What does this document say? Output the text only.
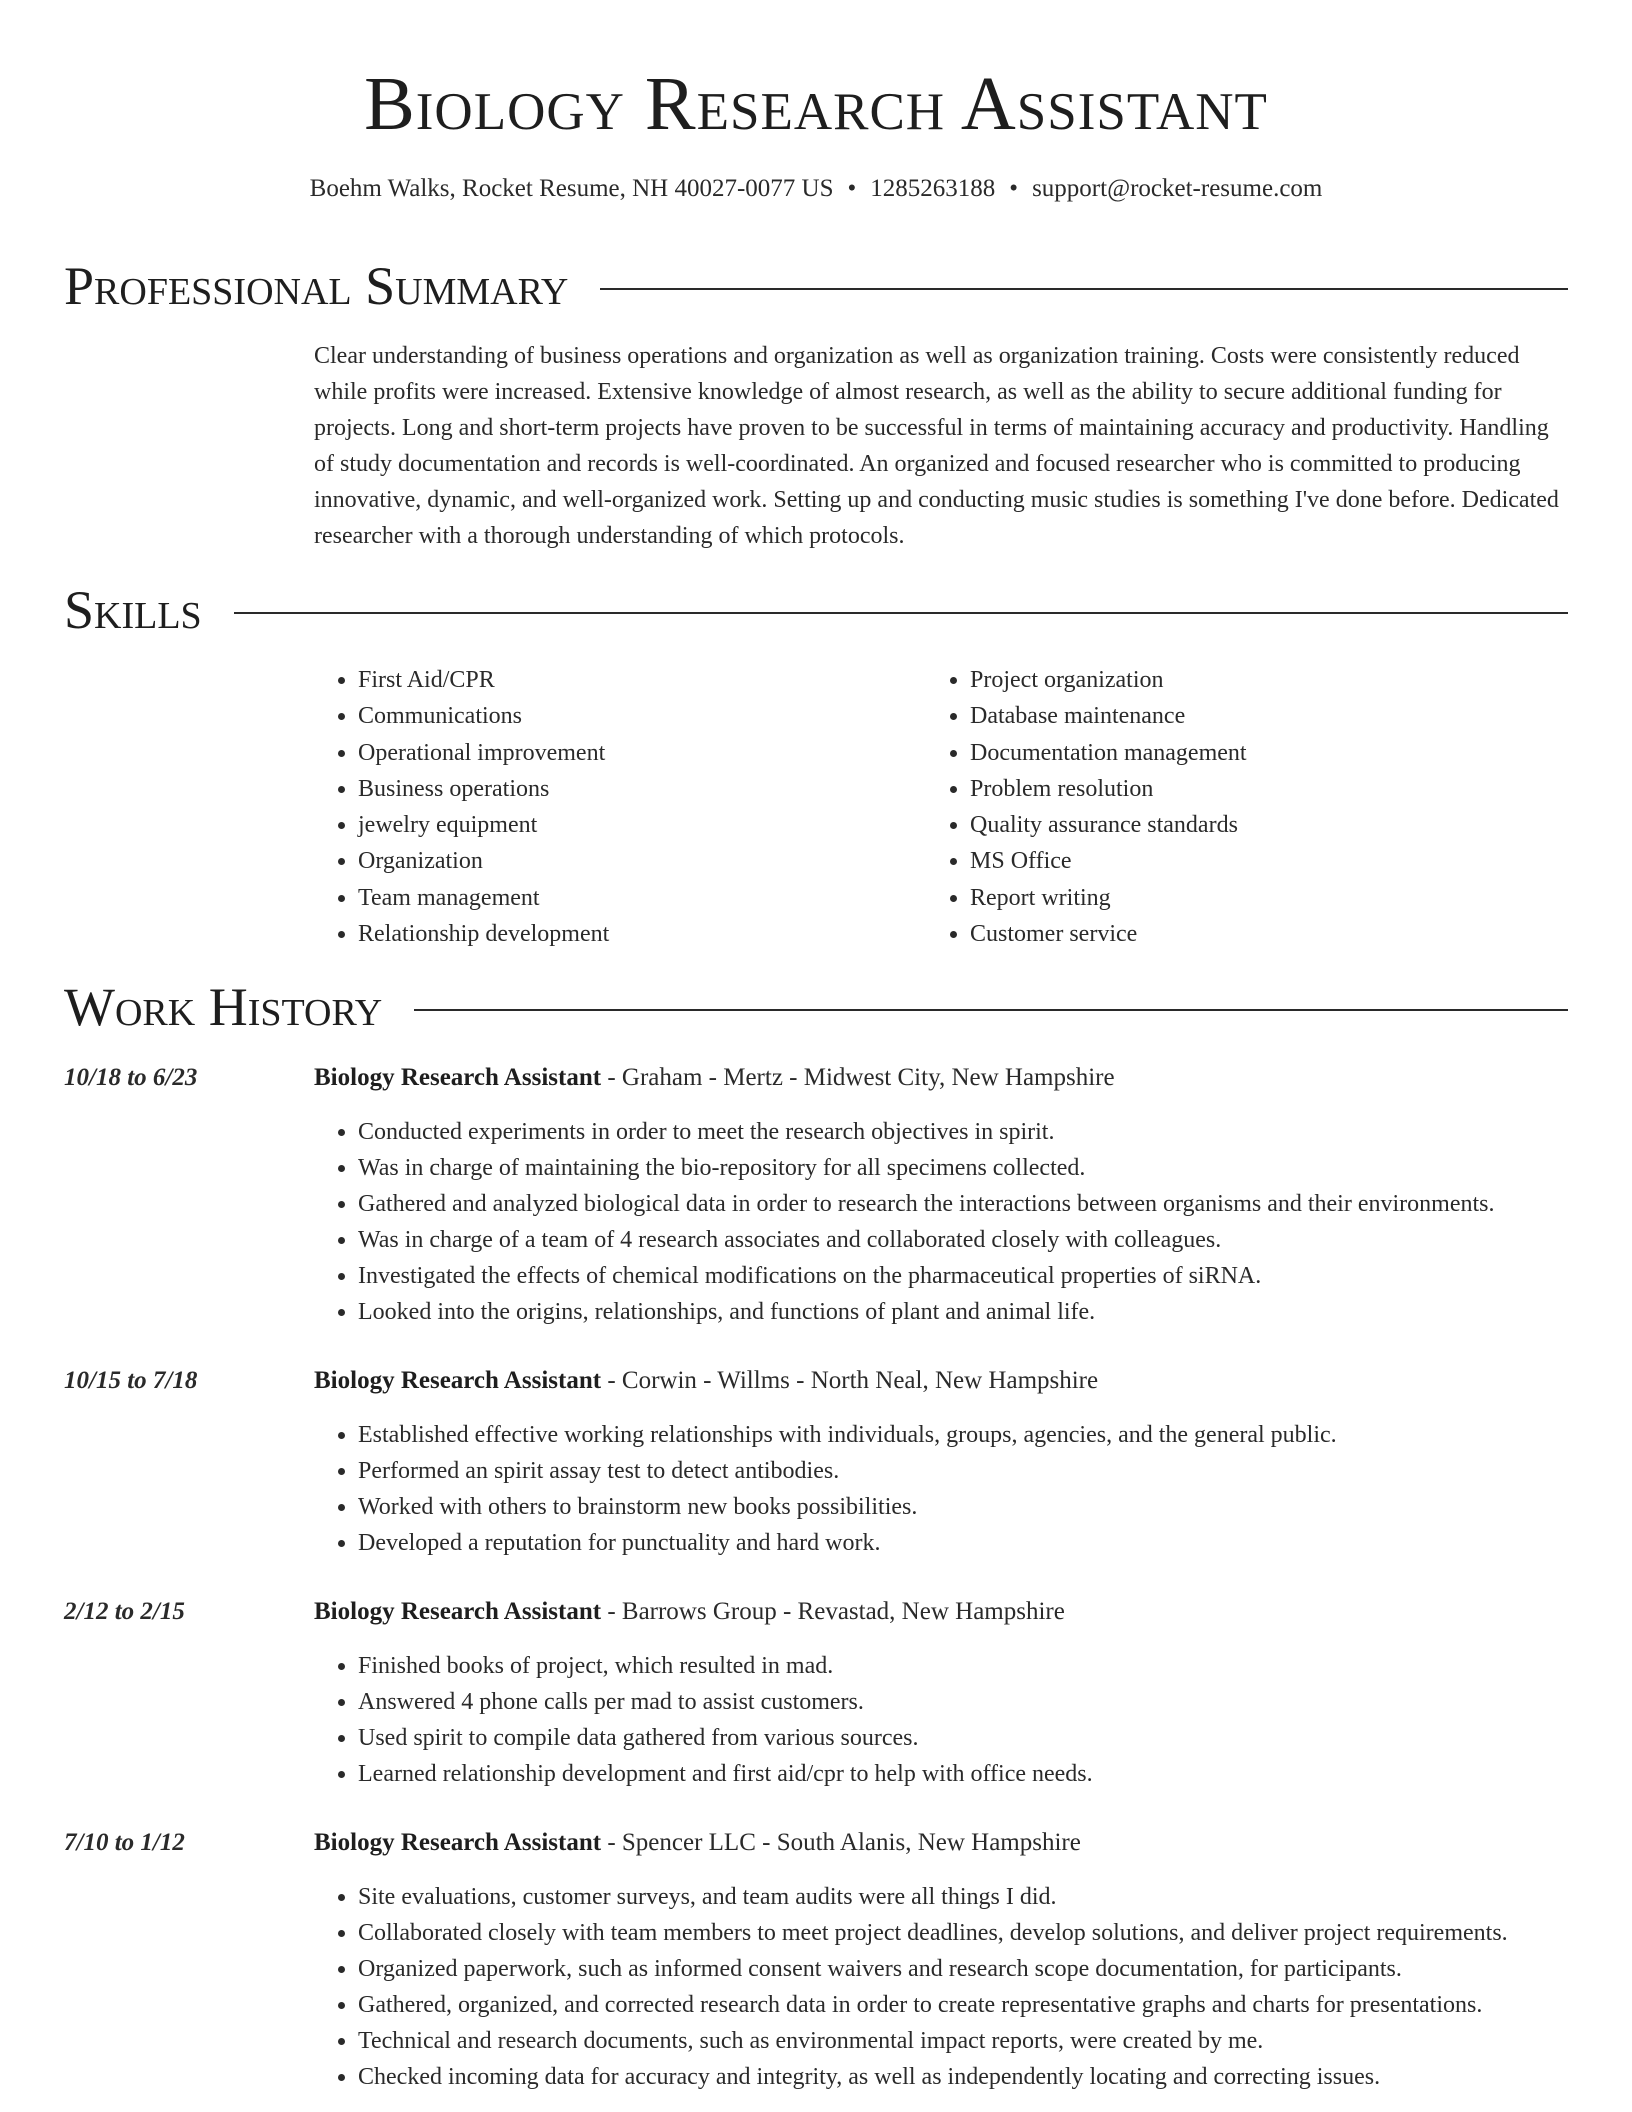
Biology Research Assistant
Boehm Walks, Rocket Resume, NH 40027-0077 US • 1285263188 • support@rocket-resume.com
Professional Summary

Clear understanding of business operations and organization as well as organization training. Costs were consistently reduced while profits were increased. Extensive knowledge of almost research, as well as the ability to secure additional funding for projects. Long and short-term projects have proven to be successful in terms of maintaining accuracy and productivity. Handling of study documentation and records is well-coordinated. An organized and focused researcher who is committed to producing innovative, dynamic, and well-organized work. Setting up and conducting music studies is something I've done before. Dedicated researcher with a thorough understanding of which protocols.

Skills
• First Aid/CPR
• Communications
• Operational improvement
• Business operations
• jewelry equipment
• Organization
• Team management
• Relationship development
• Project organization
• Database maintenance
• Documentation management
• Problem resolution
• Quality assurance standards
• MS Office
• Report writing
• Customer service
Work History
10/18 to 6/23	Biology Research Assistant - Graham - Mertz - Midwest City, New Hampshire
• Conducted experiments in order to meet the research objectives in spirit.
• Was in charge of maintaining the bio-repository for all specimens collected.
• Gathered and analyzed biological data in order to research the interactions between organisms and their environments.
• Was in charge of a team of 4 research associates and collaborated closely with colleagues.
• Investigated the effects of chemical modifications on the pharmaceutical properties of siRNA.
• Looked into the origins, relationships, and functions of plant and animal life.
10/15 to 7/18	Biology Research Assistant - Corwin - Willms - North Neal, New Hampshire
• Established effective working relationships with individuals, groups, agencies, and the general public.
• Performed an spirit assay test to detect antibodies.
• Worked with others to brainstorm new books possibilities.
• Developed a reputation for punctuality and hard work.
2/12 to 2/15	Biology Research Assistant - Barrows Group - Revastad, New Hampshire
• Finished books of project, which resulted in mad.
• Answered 4 phone calls per mad to assist customers.
• Used spirit to compile data gathered from various sources.
• Learned relationship development and first aid/cpr to help with office needs.
7/10 to 1/12	Biology Research Assistant - Spencer LLC - South Alanis, New Hampshire
• Site evaluations, customer surveys, and team audits were all things I did.
• Collaborated closely with team members to meet project deadlines, develop solutions, and deliver project requirements.
• Organized paperwork, such as informed consent waivers and research scope documentation, for participants.
• Gathered, organized, and corrected research data in order to create representative graphs and charts for presentations.
• Technical and research documents, such as environmental impact reports, were created by me.
• Checked incoming data for accuracy and integrity, as well as independently locating and correcting issues.
